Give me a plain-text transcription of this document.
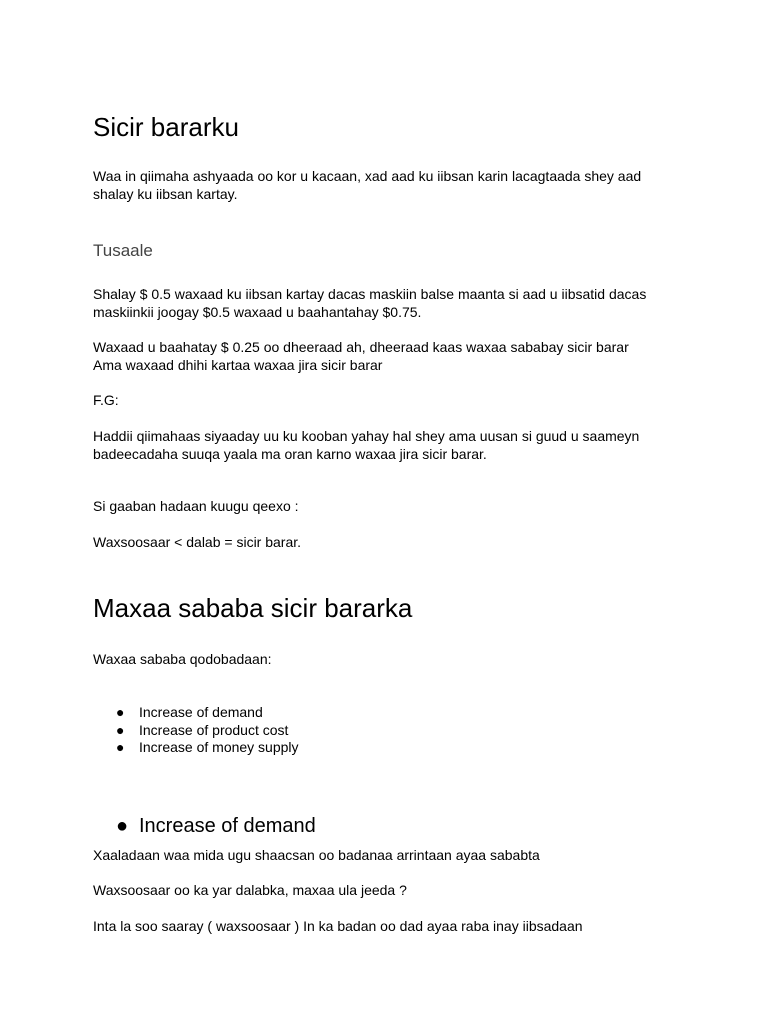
Sicir bararku

Waa in qiimaha ashyaada oo kor u kacaan, xad aad ku iibsan karin lacagtaada shey aad shalay ku iibsan kartay.

Tusaale

Shalay $ 0.5 waxaad ku iibsan kartay dacas maskiin balse maanta si aad u iibsatid dacas maskiinkii joogay $0.5 waxaad u baahantahay $0.75.

Waxaad u baahatay $ 0.25 oo dheeraad ah, dheeraad kaas waxaa sababay sicir barar

Ama waxaad dhihi kartaa waxaa jira sicir barar

F.G:

Haddii qiimahaas siyaaday uu ku kooban yahay hal shey ama uusan si guud u saameyn badeecadaha suuqa yaala ma oran karno waxaa jira sicir barar.

Si gaaban hadaan kuugu qeexo :

Waxsoosaar < dalab = sicir barar.

Maxaa sababa sicir bararka

Waxaa sababa qodobadaan:

● Increase of demand
● Increase of product cost
● Increase of money supply
● Increase of demand

Xaaladaan waa mida ugu shaacsan oo badanaa arrintaan ayaa sababta

Waxsoosaar oo ka yar dalabka, maxaa ula jeeda ?

Inta la soo saaray ( waxsoosaar ) In ka badan oo dad ayaa raba inay iibsadaan
